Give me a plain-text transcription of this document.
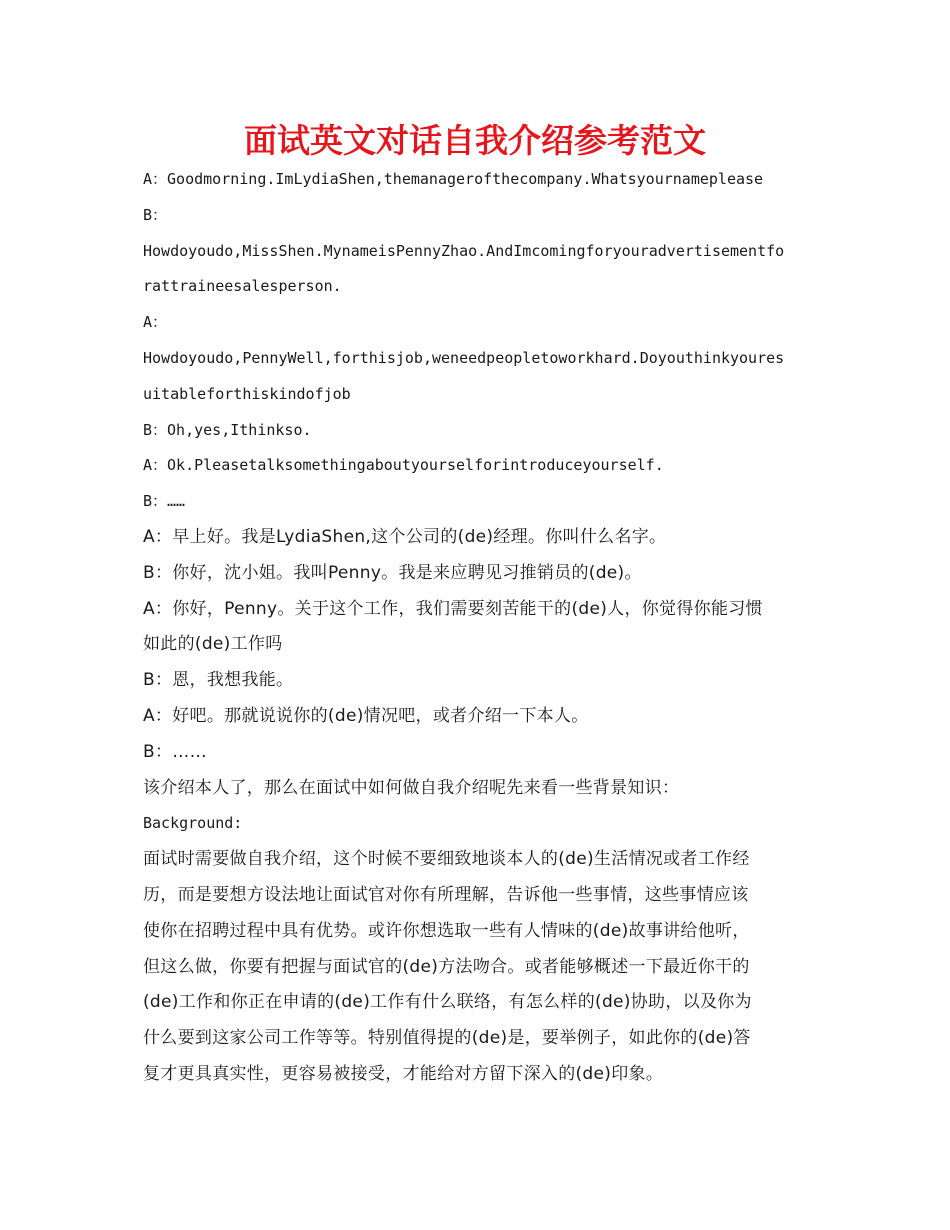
面试英文对话自我介绍参考范文
A：Goodmorning.ImLydiaShen,themanagerofthecompany.Whatsyournameplease
B：
Howdoyoudo,MissShen.MynameisPennyZhao.AndImcomingforyouradvertisementfo
rattraineesalesperson.
A：
Howdoyoudo,PennyWell,forthisjob,weneedpeopletoworkhard.Doyouthinkyoures
uitableforthiskindofjob
B：Oh,yes,Ithinkso.
A：Ok.Pleasetalksomethingaboutyourselforintroduceyourself.
B：……
A：早上好。我是LydiaShen,这个公司的(de)经理。你叫什么名字。
B：你好，沈小姐。我叫Penny。我是来应聘见习推销员的(de)。
A：你好，Penny。关于这个工作，我们需要刻苦能干的(de)人，你觉得你能习惯
如此的(de)工作吗
B：恩，我想我能。
A：好吧。那就说说你的(de)情况吧，或者介绍一下本人。
B：……
该介绍本人了，那么在面试中如何做自我介绍呢先来看一些背景知识：
Background:
面试时需要做自我介绍，这个时候不要细致地谈本人的(de)生活情况或者工作经
历，而是要想方设法地让面试官对你有所理解，告诉他一些事情，这些事情应该
使你在招聘过程中具有优势。或许你想选取一些有人情味的(de)故事讲给他听，
但这么做，你要有把握与面试官的(de)方法吻合。或者能够概述一下最近你干的
(de)工作和你正在申请的(de)工作有什么联络，有怎么样的(de)协助，以及你为
什么要到这家公司工作等等。特别值得提的(de)是，要举例子，如此你的(de)答
复才更具真实性，更容易被接受，才能给对方留下深入的(de)印象。
